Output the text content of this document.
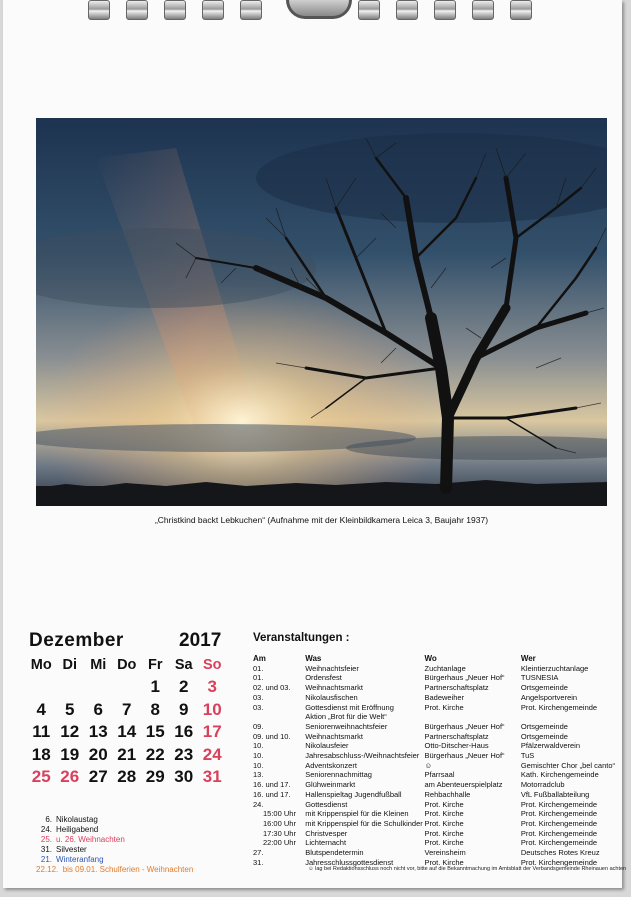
„Christkind backt Lebkuchen“ (Aufnahme mit der Kleinbildkamera Leica 3, Baujahr 1937)
Dezember	2017
Mo	Di	Mi	Do	Fr	Sa	So
				1	2	3
4	5	6	7	8	9	10
11	12	13	14	15	16	17
18	19	20	21	22	23	24
25	26	27	28	29	30	31
6. Nikolaustag
24. Heiligabend
25. u. 26. Weihnachten
31. Silvester
21. Winteranfang
22.12. bis 09.01. Schulferien - Weihnachten
Veranstaltungen :
Am	Was	Wo	Wer
01.	Weihnachtsfeier	Zuchtanlage	Kleintierzuchtanlage
01.	Ordensfest	Bürgerhaus „Neuer Hof“	TUSNESIA
02. und 03.	Weihnachtsmarkt	Partnerschaftsplatz	Ortsgemeinde
03.	Nikolausfischen	Badeweiher	Angelsportverein
03.	Gottesdienst mit Eröffnung	Prot. Kirche	Prot. Kirchengemeinde
	Aktion „Brot für die Welt“		
09.	Seniorenweihnachtsfeier	Bürgerhaus „Neuer Hof“	Ortsgemeinde
09. und 10.	Weihnachtsmarkt	Partnerschaftsplatz	Ortsgemeinde
10.	Nikolausfeier	Otto-Ditscher-Haus	Pfälzerwaldverein
10.	Jahresabschluss-/Weihnachtsfeier	Bürgerhaus „Neuer Hof“	TuS
10.	Adventskonzert	☺	Gemischter Chor „bel canto“
13.	Seniorennachmittag	Pfarrsaal	Kath. Kirchengemeinde
16. und 17.	Glühweinmarkt	am Abenteuerspielplatz	Motorradclub
16. und 17.	Hallenspieltag Jugendfußball	Rehbachhalle	VfL Fußballabteilung
24.	Gottesdienst	Prot. Kirche	Prot. Kirchengemeinde
15:00 Uhr	mit Krippenspiel für die Kleinen	Prot. Kirche	Prot. Kirchengemeinde
16:00 Uhr	mit Krippenspiel für die Schulkinder	Prot. Kirche	Prot. Kirchengemeinde
17:30 Uhr	Christvesper	Prot. Kirche	Prot. Kirchengemeinde
22:00 Uhr	Lichternacht	Prot. Kirche	Prot. Kirchengemeinde
27.	Blutspendetermin	Vereinsheim	Deutsches Rotes Kreuz
31.	Jahresschlussgottesdienst	Prot. Kirche	Prot. Kirchengemeinde
☺ lag bei Redaktionsschluss noch nicht vor, bitte auf die Bekanntmachung im Amtsblatt der Verbandsgemeinde Rheinauen achten
